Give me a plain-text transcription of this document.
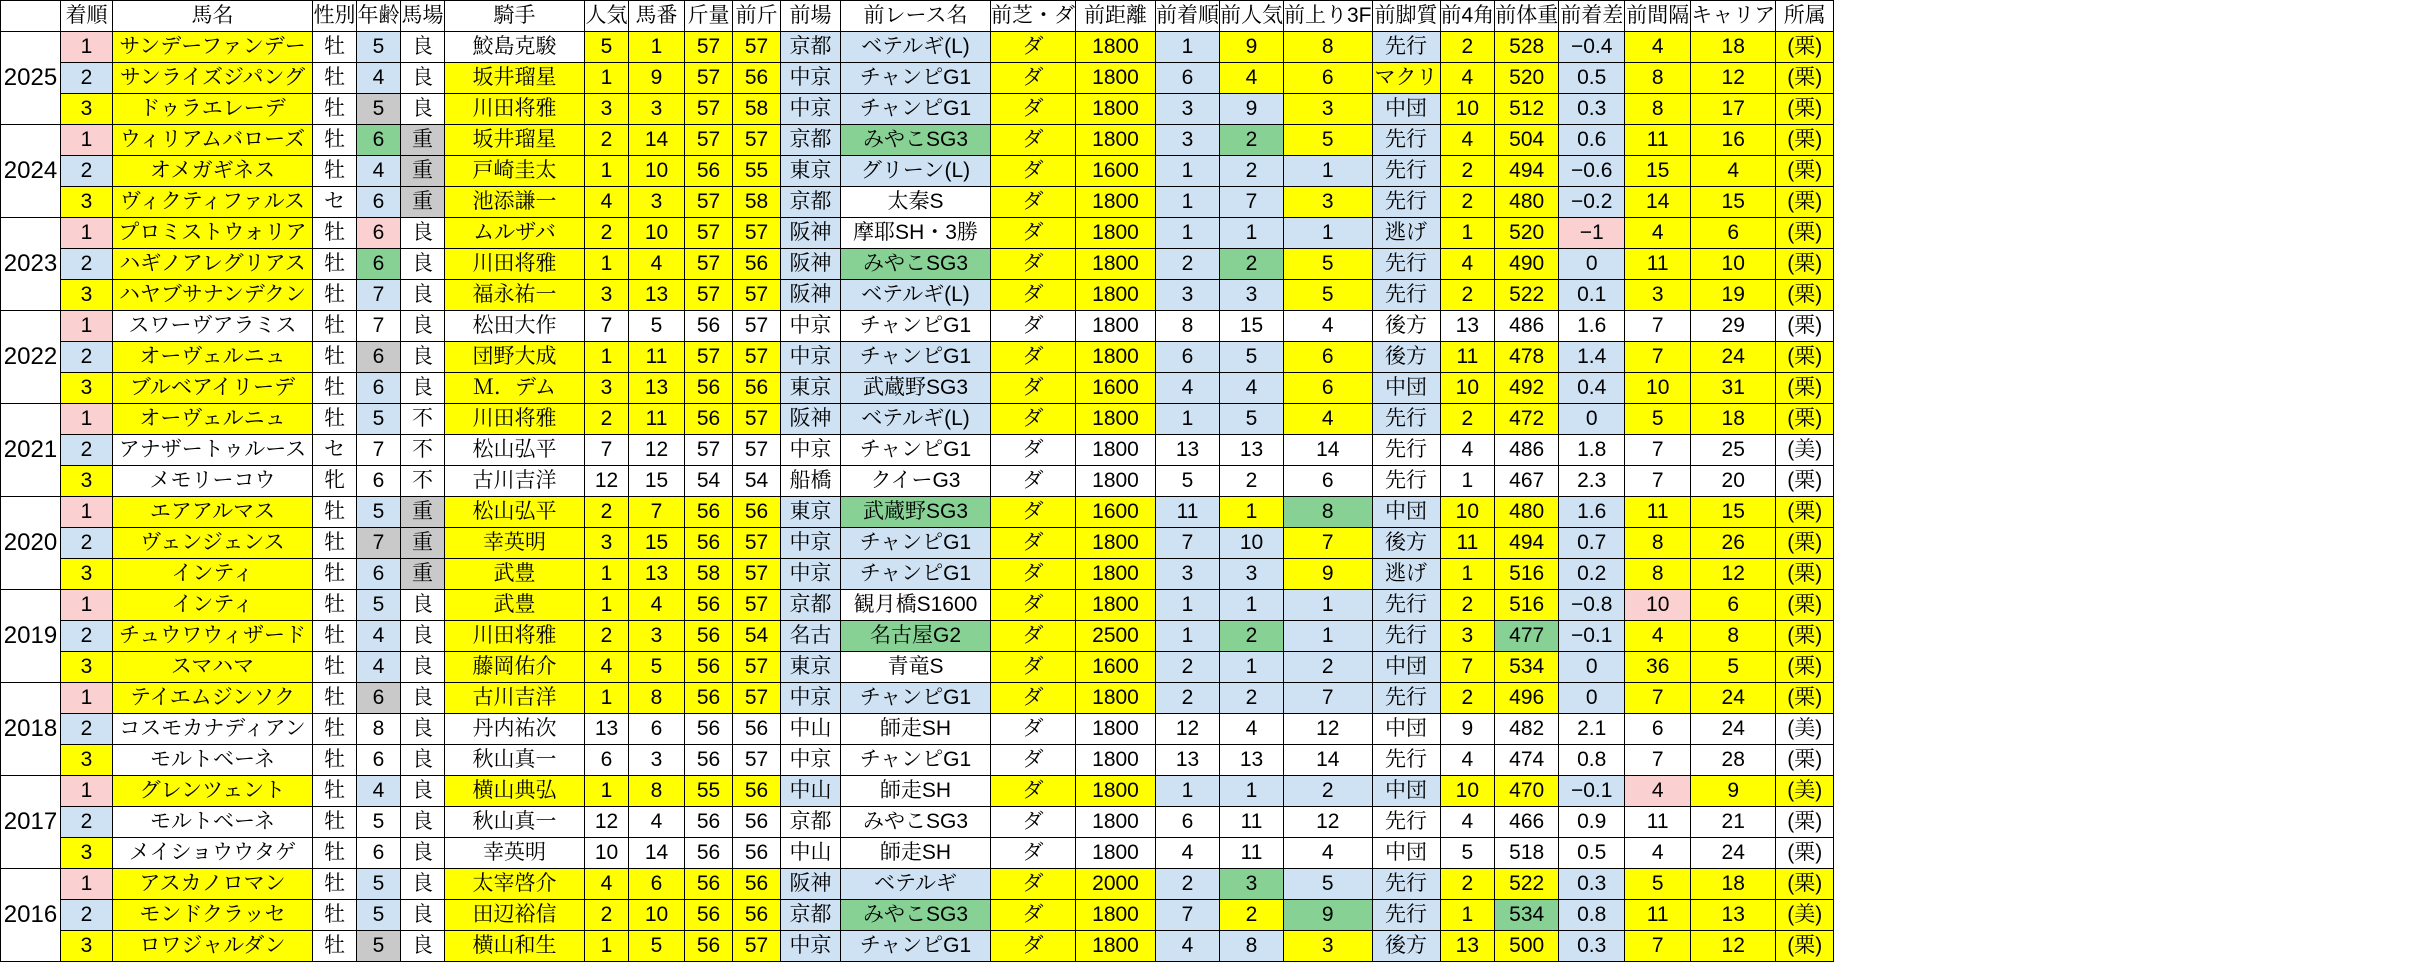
	着順	馬名	性別	年齢	馬場	騎手	人気	馬番	斤量	前斤	前場	前レース名	前芝・ダ	前距離	前着順	前人気	前上り3F	前脚質	前4角	前体重	前着差	前間隔	キャリア	所属
2025	1	サンデーファンデー	牡	5	良	鮫島克駿	5	1	57	57	京都	ベテルギ(L)	ダ	1800	1	9	8	先行	2	528	−0.4	4	18	(栗)
	2	サンライズジパング	牡	4	良	坂井瑠星	1	9	57	56	中京	チャンピG1	ダ	1800	6	4	6	マクリ	4	520	0.5	8	12	(栗)
	3	ドゥラエレーデ	牡	5	良	川田将雅	3	3	57	58	中京	チャンピG1	ダ	1800	3	9	3	中団	10	512	0.3	8	17	(栗)
2024	1	ウィリアムバローズ	牡	6	重	坂井瑠星	2	14	57	57	京都	みやこSG3	ダ	1800	3	2	5	先行	4	504	0.6	11	16	(栗)
	2	オメガギネス	牡	4	重	戸崎圭太	1	10	56	55	東京	グリーン(L)	ダ	1600	1	2	1	先行	2	494	−0.6	15	4	(栗)
	3	ヴィクティファルス	セ	6	重	池添謙一	4	3	57	58	京都	太秦S	ダ	1800	1	7	3	先行	2	480	−0.2	14	15	(栗)
2023	1	プロミストウォリア	牡	6	良	ムルザバ	2	10	57	57	阪神	摩耶SH・3勝	ダ	1800	1	1	1	逃げ	1	520	−1	4	6	(栗)
	2	ハギノアレグリアス	牡	6	良	川田将雅	1	4	57	56	阪神	みやこSG3	ダ	1800	2	2	5	先行	4	490	0	11	10	(栗)
	3	ハヤブサナンデクン	牡	7	良	福永祐一	3	13	57	57	阪神	ベテルギ(L)	ダ	1800	3	3	5	先行	2	522	0.1	3	19	(栗)
2022	1	スワーヴアラミス	牡	7	良	松田大作	7	5	56	57	中京	チャンピG1	ダ	1800	8	15	4	後方	13	486	1.6	7	29	(栗)
	2	オーヴェルニュ	牡	6	良	団野大成	1	11	57	57	中京	チャンピG1	ダ	1800	6	5	6	後方	11	478	1.4	7	24	(栗)
	3	ブルベアイリーデ	牡	6	良	Ｍ．デム	3	13	56	56	東京	武蔵野SG3	ダ	1600	4	4	6	中団	10	492	0.4	10	31	(栗)
2021	1	オーヴェルニュ	牡	5	不	川田将雅	2	11	56	57	阪神	ベテルギ(L)	ダ	1800	1	5	4	先行	2	472	0	5	18	(栗)
	2	アナザートゥルース	セ	7	不	松山弘平	7	12	57	57	中京	チャンピG1	ダ	1800	13	13	14	先行	4	486	1.8	7	25	(美)
	3	メモリーコウ	牝	6	不	古川吉洋	12	15	54	54	船橋	クイーG3	ダ	1800	5	2	6	先行	1	467	2.3	7	20	(栗)
2020	1	エアアルマス	牡	5	重	松山弘平	2	7	56	56	東京	武蔵野SG3	ダ	1600	11	1	8	中団	10	480	1.6	11	15	(栗)
	2	ヴェンジェンス	牡	7	重	幸英明	3	15	56	57	中京	チャンピG1	ダ	1800	7	10	7	後方	11	494	0.7	8	26	(栗)
	3	インティ	牡	6	重	武豊	1	13	58	57	中京	チャンピG1	ダ	1800	3	3	9	逃げ	1	516	0.2	8	12	(栗)
2019	1	インティ	牡	5	良	武豊	1	4	56	57	京都	観月橋S1600	ダ	1800	1	1	1	先行	2	516	−0.8	10	6	(栗)
	2	チュウワウィザード	牡	4	良	川田将雅	2	3	56	54	名古	名古屋G2	ダ	2500	1	2	1	先行	3	477	−0.1	4	8	(栗)
	3	スマハマ	牡	4	良	藤岡佑介	4	5	56	57	東京	青竜S	ダ	1600	2	1	2	中団	7	534	0	36	5	(栗)
2018	1	テイエムジンソク	牡	6	良	古川吉洋	1	8	56	57	中京	チャンピG1	ダ	1800	2	2	7	先行	2	496	0	7	24	(栗)
	2	コスモカナディアン	牡	8	良	丹内祐次	13	6	56	56	中山	師走SH	ダ	1800	12	4	12	中団	9	482	2.1	6	24	(美)
	3	モルトベーネ	牡	6	良	秋山真一	6	3	56	57	中京	チャンピG1	ダ	1800	13	13	14	先行	4	474	0.8	7	28	(栗)
2017	1	グレンツェント	牡	4	良	横山典弘	1	8	55	56	中山	師走SH	ダ	1800	1	1	2	中団	10	470	−0.1	4	9	(美)
	2	モルトベーネ	牡	5	良	秋山真一	12	4	56	56	京都	みやこSG3	ダ	1800	6	11	12	先行	4	466	0.9	11	21	(栗)
	3	メイショウウタゲ	牡	6	良	幸英明	10	14	56	56	中山	師走SH	ダ	1800	4	11	4	中団	5	518	0.5	4	24	(栗)
2016	1	アスカノロマン	牡	5	良	太宰啓介	4	6	56	56	阪神	ベテルギ	ダ	2000	2	3	5	先行	2	522	0.3	5	18	(栗)
	2	モンドクラッセ	牡	5	良	田辺裕信	2	10	56	56	京都	みやこSG3	ダ	1800	7	2	9	先行	1	534	0.8	11	13	(美)
	3	ロワジャルダン	牡	5	良	横山和生	1	5	56	57	中京	チャンピG1	ダ	1800	4	8	3	後方	13	500	0.3	7	12	(栗)
